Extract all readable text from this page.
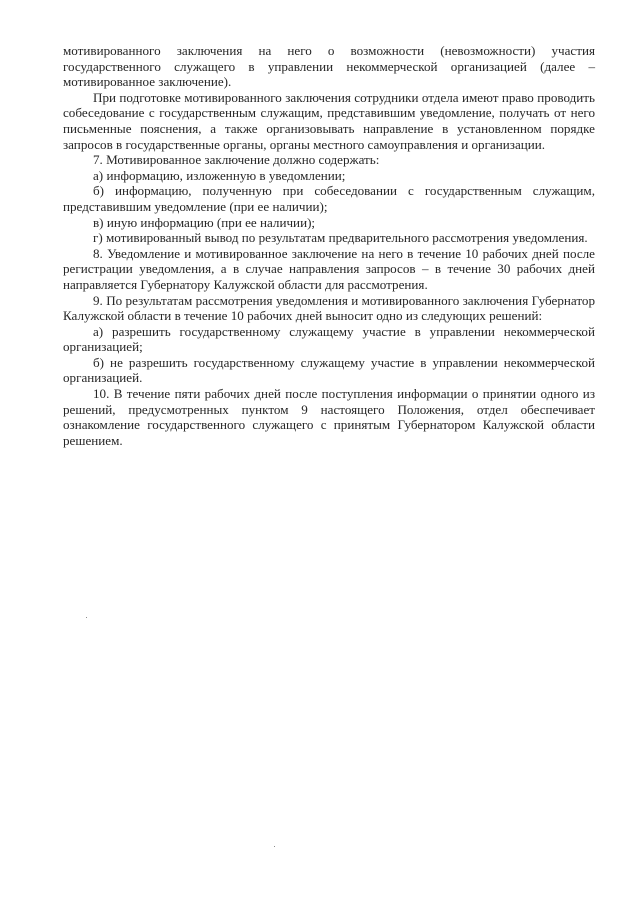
мотивированного заключения на него о возможности (невозможности) участия государственного служащего в управлении некоммерческой организацией (далее – мотивированное заключение).

При подготовке мотивированного заключения сотрудники отдела имеют право проводить собеседование с государственным служащим, представившим уведомление, получать от него письменные пояснения, а также организовывать направление в установленном порядке запросов в государственные органы, органы местного самоуправления и организации.

7. Мотивированное заключение должно содержать:

а) информацию, изложенную в уведомлении;

б) информацию, полученную при собеседовании с государственным служащим, представившим уведомление (при ее наличии);

в) иную информацию (при ее наличии);

г) мотивированный вывод по результатам предварительного рассмотрения уведомления.

8. Уведомление и мотивированное заключение на него в течение 10 рабочих дней после регистрации уведомления, а в случае направления запросов – в течение 30 рабочих дней направляется Губернатору Калужской области для рассмотрения.

9. По результатам рассмотрения уведомления и мотивированного заключения Губернатор Калужской области в течение 10 рабочих дней выносит одно из следующих решений:

а) разрешить государственному служащему участие в управлении некоммерческой организацией;

б) не разрешить государственному служащему участие в управлении некоммерческой организацией.

10. В течение пяти рабочих дней после поступления информации о принятии одного из решений, предусмотренных пунктом 9 настоящего Положения, отдел обеспечивает ознакомление государственного служащего с принятым Губернатором Калужской области решением.
